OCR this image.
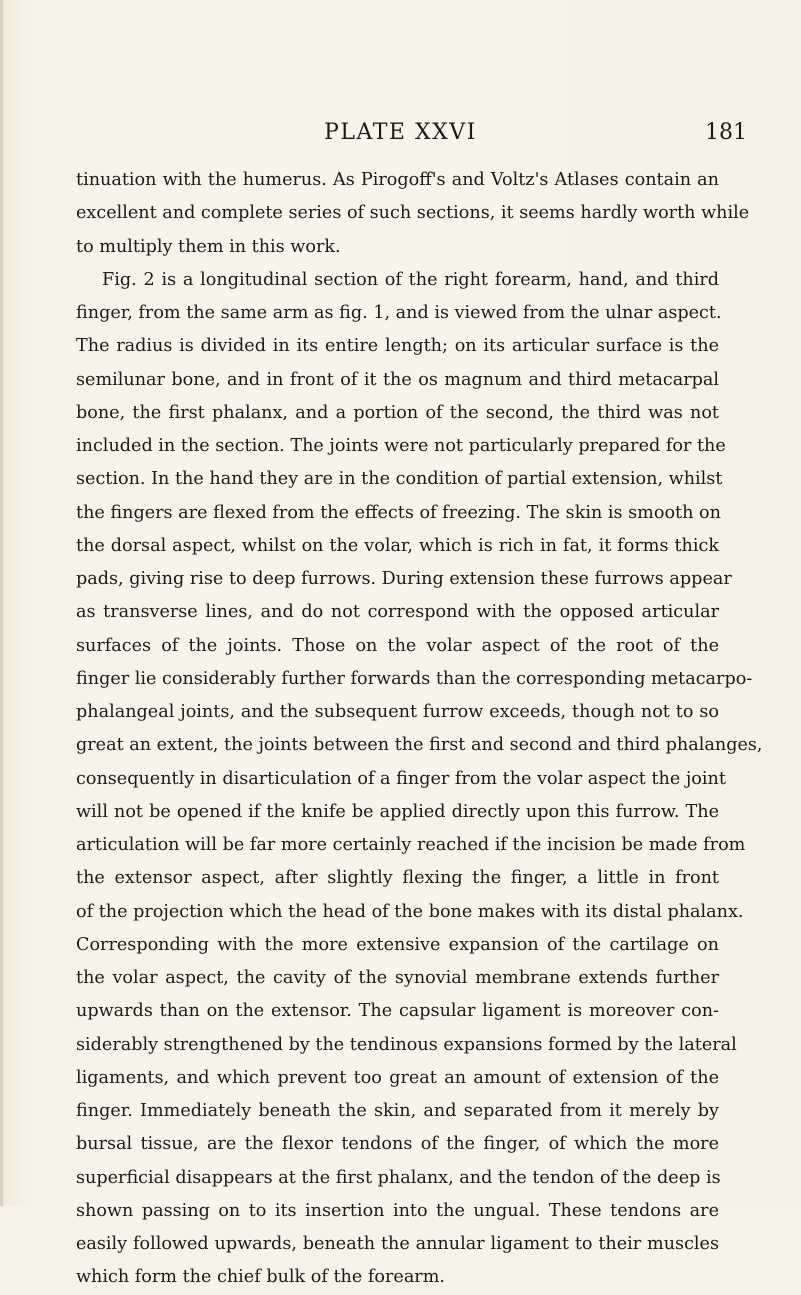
PLATE XXVI	181
tinuation with the humerus. As Pirogoff's and Voltz's Atlases contain an
excellent and complete series of such sections, it seems hardly worth while
to multiply them in this work.
Fig. 2 is a longitudinal section of the right forearm, hand, and third
finger, from the same arm as fig. 1, and is viewed from the ulnar aspect.
The radius is divided in its entire length; on its articular surface is the
semilunar bone, and in front of it the os magnum and third metacarpal
bone, the first phalanx, and a portion of the second, the third was not
included in the section. The joints were not particularly prepared for the
section. In the hand they are in the condition of partial extension, whilst
the fingers are flexed from the effects of freezing. The skin is smooth on
the dorsal aspect, whilst on the volar, which is rich in fat, it forms thick
pads, giving rise to deep furrows. During extension these furrows appear
as transverse lines, and do not correspond with the opposed articular
surfaces of the joints. Those on the volar aspect of the root of the
finger lie considerably further forwards than the corresponding metacarpo-
phalangeal joints, and the subsequent furrow exceeds, though not to so
great an extent, the joints between the first and second and third phalanges,
consequently in disarticulation of a finger from the volar aspect the joint
will not be opened if the knife be applied directly upon this furrow. The
articulation will be far more certainly reached if the incision be made from
the extensor aspect, after slightly flexing the finger, a little in front
of the projection which the head of the bone makes with its distal phalanx.
Corresponding with the more extensive expansion of the cartilage on
the volar aspect, the cavity of the synovial membrane extends further
upwards than on the extensor. The capsular ligament is moreover con-
siderably strengthened by the tendinous expansions formed by the lateral
ligaments, and which prevent too great an amount of extension of the
finger. Immediately beneath the skin, and separated from it merely by
bursal tissue, are the flexor tendons of the finger, of which the more
superficial disappears at the first phalanx, and the tendon of the deep is
shown passing on to its insertion into the ungual. These tendons are
easily followed upwards, beneath the annular ligament to their muscles
which form the chief bulk of the forearm.
